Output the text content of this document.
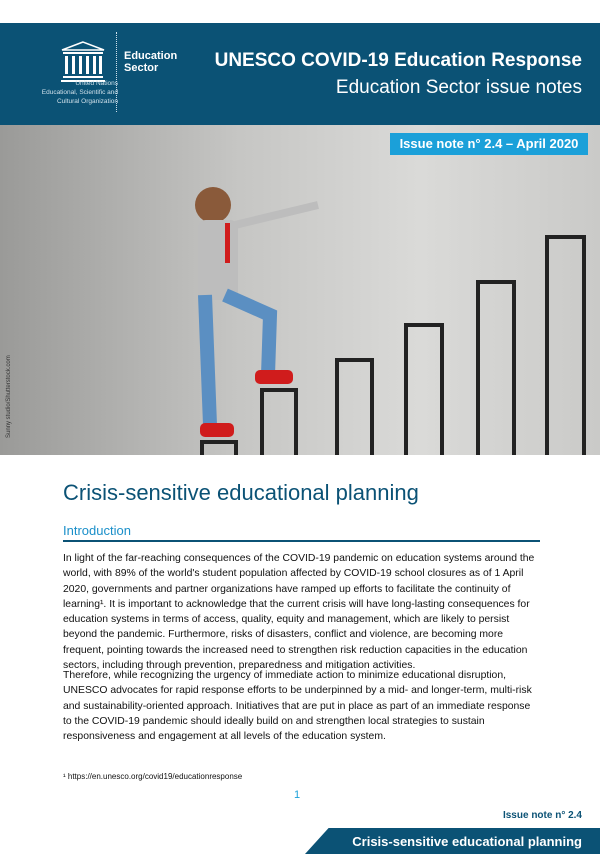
United Nations
Educational, Scientific and
Cultural Organization
Education Sector	UNESCO COVID-19 Education Response
Education Sector issue notes
Issue note n° 2.4 – April 2020
Sunny studio/Shutterstock.com
Crisis-sensitive educational planning
Introduction
In light of the far-reaching consequences of the COVID-19 pandemic on education systems around the world, with 89% of the world's student population affected by COVID-19 school closures as of 1 April 2020, governments and partner organizations have ramped up efforts to facilitate the continuity of learning¹. It is important to acknowledge that the current crisis will have long-lasting consequences for education systems in terms of access, quality, equity and management, which are likely to persist beyond the pandemic. Furthermore, risks of disasters, conflict and violence, are becoming more frequent, pointing towards the increased need to strengthen risk reduction capacities in the education sectors, including through prevention, preparedness and mitigation activities.
Therefore, while recognizing the urgency of immediate action to minimize educational disruption, UNESCO advocates for rapid response efforts to be underpinned by a mid- and longer-term, multi-risk and sustainability-oriented approach. Initiatives that are put in place as part of an immediate response to the COVID-19 pandemic should ideally build on and strengthen local strategies to sustain responsiveness and engagement at all levels of the education system.
¹ https://en.unesco.org/covid19/educationresponse
1
Issue note n° 2.4
Crisis-sensitive educational planning
